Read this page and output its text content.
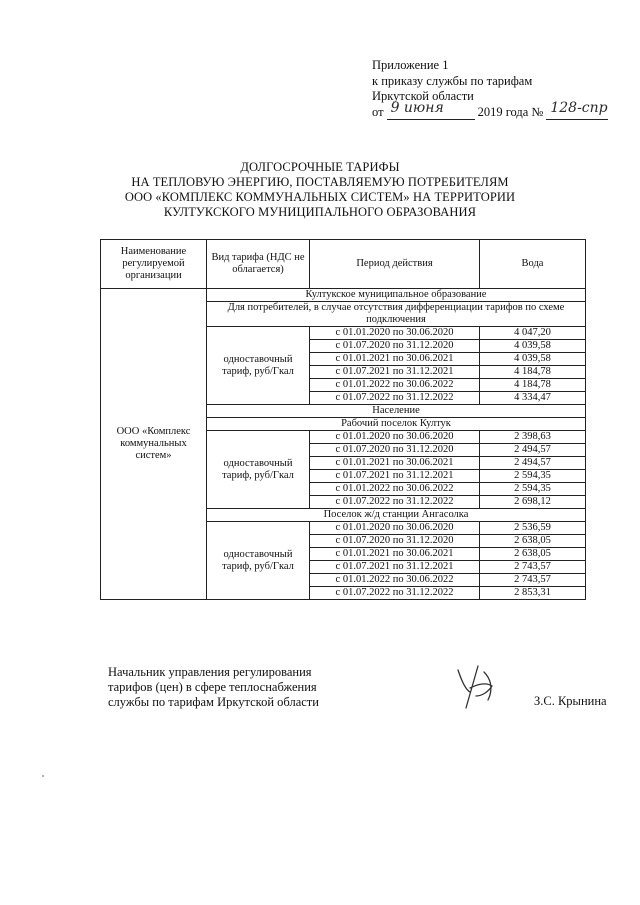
Приложение 1
к приказу службы по тарифам
Иркутской области
от 9 июня	2019 года № 128-спр
ДОЛГОСРОЧНЫЕ ТАРИФЫ
НА ТЕПЛОВУЮ ЭНЕРГИЮ, ПОСТАВЛЯЕМУЮ ПОТРЕБИТЕЛЯМ
ООО «КОМПЛЕКС КОММУНАЛЬНЫХ СИСТЕМ» НА ТЕРРИТОРИИ
КУЛТУКСКОГО МУНИЦИПАЛЬНОГО ОБРАЗОВАНИЯ
Наименование регулируемой организации	Вид тарифа (НДС не облагается)	Период действия	Вода
ООО «Комплекс коммунальных систем»	Култукское муниципальное образование		
	Для потребителей, в случае отсутствия дифференциации тарифов по схеме подключения		
	одноставочный тариф, руб/Гкал	с 01.01.2020 по 30.06.2020	4 047,20
		с 01.07.2020 по 31.12.2020	4 039,58
		с 01.01.2021 по 30.06.2021	4 039,58
		с 01.07.2021 по 31.12.2021	4 184,78
		с 01.01.2022 по 30.06.2022	4 184,78
		с 01.07.2022 по 31.12.2022	4 334,47
	Население		
	Рабочий поселок Култук		
	одноставочный тариф, руб/Гкал	с 01.01.2020 по 30.06.2020	2 398,63
		с 01.07.2020 по 31.12.2020	2 494,57
		с 01.01.2021 по 30.06.2021	2 494,57
		с 01.07.2021 по 31.12.2021	2 594,35
		с 01.01.2022 по 30.06.2022	2 594,35
		с 01.07.2022 по 31.12.2022	2 698,12
	Поселок ж/д станции Ангасолка		
	одноставочный тариф, руб/Гкал	с 01.01.2020 по 30.06.2020	2 536,59
		с 01.07.2020 по 31.12.2020	2 638,05
		с 01.01.2021 по 30.06.2021	2 638,05
		с 01.07.2021 по 31.12.2021	2 743,57
		с 01.01.2022 по 30.06.2022	2 743,57
		с 01.07.2022 по 31.12.2022	2 853,31
Начальник управления регулирования
тарифов (цен) в сфере теплоснабжения
службы по тарифам Иркутской области	З.С. Крынина
